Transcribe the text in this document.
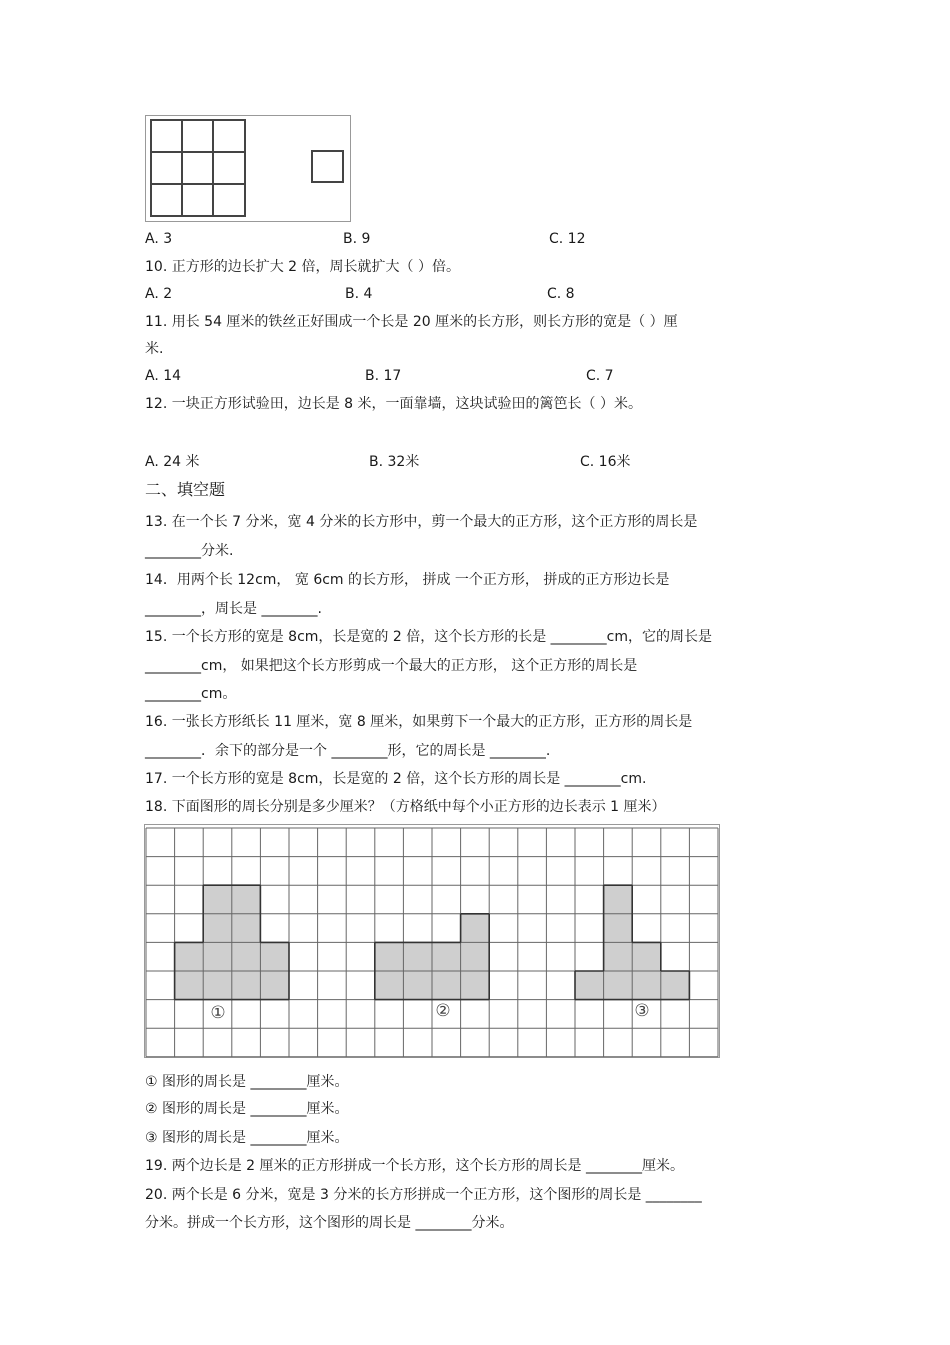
A. 3	B. 9	C. 12
10. 正方形的边长扩大 2 倍，周长就扩大（ ）倍。
A. 2	B. 4	C. 8
11. 用长 54 厘米的铁丝正好围成一个长是 20 厘米的长方形，则长方形的宽是（ ）厘
米.
A. 14	B. 17	C. 7
12. 一块正方形试验田，边长是 8 米，一面靠墙，这块试验田的篱笆长（ ）米。
A. 24 米	B. 32米	C. 16米
二、填空题
13. 在一个长 7 分米，宽 4 分米的长方形中，剪一个最大的正方形，这个正方形的周长是
________分米.
14．用两个长 12cm， 宽 6cm 的长方形， 拼成 一个正方形， 拼成的正方形边长是
________，周长是 ________.
15. 一个长方形的宽是 8cm，长是宽的 2 倍，这个长方形的长是 ________cm，它的周长是
________cm， 如果把这个长方形剪成一个最大的正方形， 这个正方形的周长是
________cm。
16. 一张长方形纸长 11 厘米，宽 8 厘米，如果剪下一个最大的正方形，正方形的周长是
________．余下的部分是一个 ________形，它的周长是 ________.
17. 一个长方形的宽是 8cm，长是宽的 2 倍，这个长方形的周长是 ________cm.
18. 下面图形的周长分别是多少厘米？（方格纸中每个小正方形的边长表示 1 厘米）
①	②	③
① 图形的周长是 ________厘米。
② 图形的周长是 ________厘米。
③ 图形的周长是 ________厘米。
19. 两个边长是 2 厘米的正方形拼成一个长方形，这个长方形的周长是 ________厘米。
20. 两个长是 6 分米，宽是 3 分米的长方形拼成一个正方形，这个图形的周长是 ________
分米。拼成一个长方形，这个图形的周长是 ________分米。
